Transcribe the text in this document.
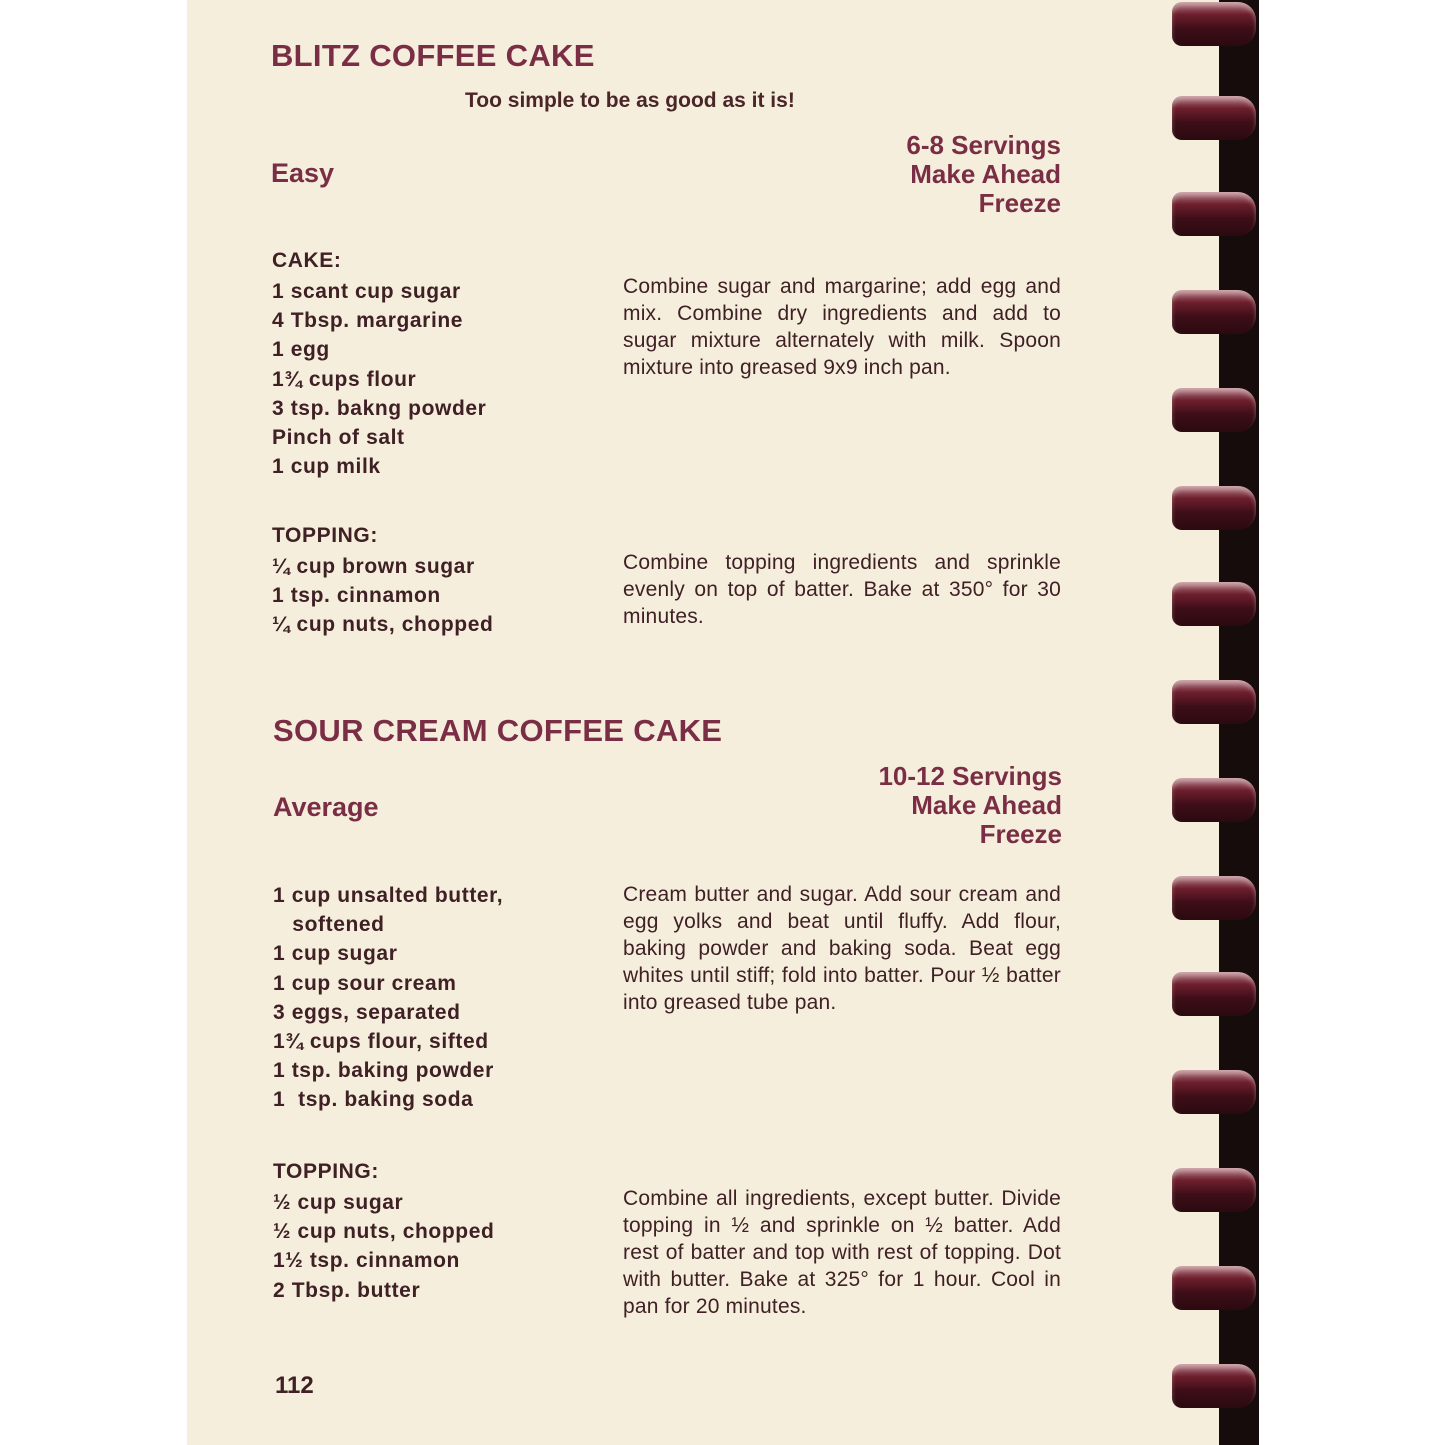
BLITZ COFFEE CAKE
Too simple to be as good as it is!
Easy
6-8 Servings
Make Ahead
Freeze
CAKE:
1 scant cup sugar
4 Tbsp. margarine
1 egg
1¾ cups flour
3 tsp. bakng powder
Pinch of salt
1 cup milk
Combine sugar and margarine; add egg and mix. Combine dry ingredients and add to sugar mixture alternately with milk. Spoon mixture into greased 9x9 inch pan.
TOPPING:
¼ cup brown sugar
1 tsp. cinnamon
¼ cup nuts, chopped
Combine topping ingredients and sprinkle evenly on top of batter. Bake at 350° for 30 minutes.
SOUR CREAM COFFEE CAKE
Average
10-12 Servings
Make Ahead
Freeze
1 cup unsalted butter,
softened
1 cup sugar
1 cup sour cream
3 eggs, separated
1¾ cups flour, sifted
1 tsp. baking powder
1  tsp. baking soda
Cream butter and sugar. Add sour cream and egg yolks and beat until fluffy. Add flour, baking powder and baking soda. Beat egg whites until stiff; fold into batter. Pour ½ batter into greased tube pan.
TOPPING:
½ cup sugar
½ cup nuts, chopped
1½ tsp. cinnamon
2 Tbsp. butter
Combine all ingredients, except butter. Divide topping in ½ and sprinkle on ½ batter. Add rest of batter and top with rest of topping. Dot with butter. Bake at 325° for 1 hour. Cool in pan for 20 minutes.
112
